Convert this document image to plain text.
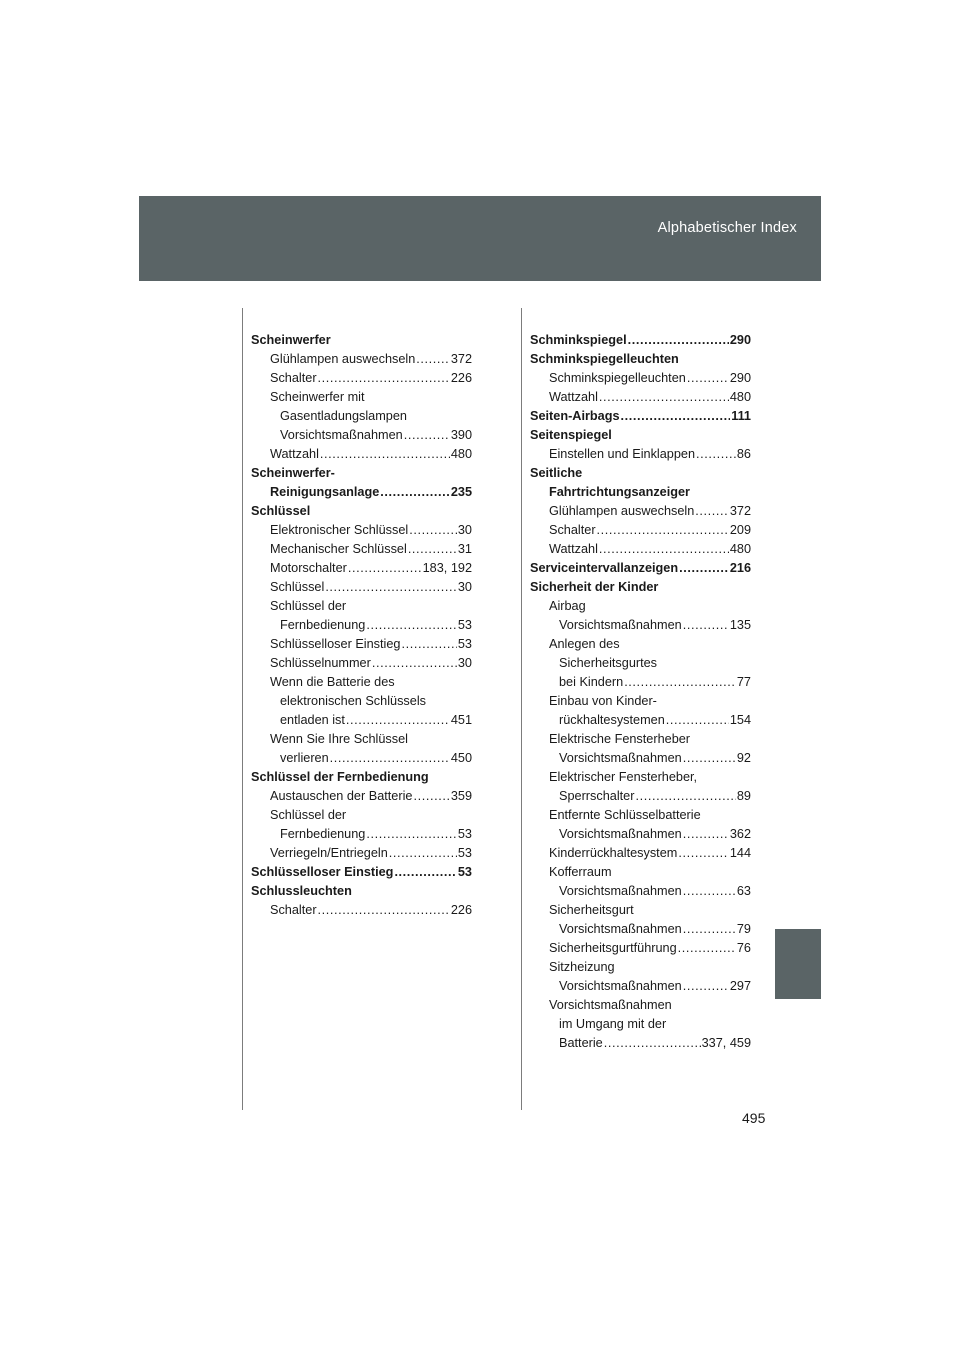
Alphabetischer Index
Scheinwerfer
Glühlampen auswechseln .....	372
Schalter .....	226
Scheinwerfer mit
Gasentladungslampen
Vorsichtsmaßnahmen .....	390
Wattzahl .....	480
Scheinwerfer-
Reinigungsanlage .....	235
Schlüssel
Elektronischer Schlüssel .....	30
Mechanischer Schlüssel .....	31
Motorschalter .....	183, 192
Schlüssel .....	30
Schlüssel der
Fernbedienung .....	53
Schlüsselloser Einstieg .....	53
Schlüsselnummer .....	30
Wenn die Batterie des
elektronischen Schlüssels
entladen ist .....	451
Wenn Sie Ihre Schlüssel
verlieren .....	450
Schlüssel der Fernbedienung
Austauschen der Batterie .....	359
Schlüssel der
Fernbedienung .....	53
Verriegeln/Entriegeln .....	53
Schlüsselloser Einstieg .....	53
Schlussleuchten
Schalter .....	226
Schminkspiegel .....	290
Schminkspiegelleuchten
Schminkspiegelleuchten .....	290
Wattzahl .....	480
Seiten-Airbags .....	111
Seitenspiegel
Einstellen und Einklappen .....	86
Seitliche
Fahrtrichtungsanzeiger
Glühlampen auswechseln .....	372
Schalter .....	209
Wattzahl .....	480
Serviceintervallanzeigen .....	216
Sicherheit der Kinder
Airbag
Vorsichtsmaßnahmen .....	135
Anlegen des
Sicherheitsgurtes
bei Kindern .....	77
Einbau von Kinder-
rückhaltesystemen .....	154
Elektrische Fensterheber
Vorsichtsmaßnahmen .....	92
Elektrischer Fensterheber,
Sperrschalter .....	89
Entfernte Schlüsselbatterie
Vorsichtsmaßnahmen .....	362
Kinderrückhaltesystem .....	144
Kofferraum
Vorsichtsmaßnahmen .....	63
Sicherheitsgurt
Vorsichtsmaßnahmen .....	79
Sicherheitsgurtführung .....	76
Sitzheizung
Vorsichtsmaßnahmen .....	297
Vorsichtsmaßnahmen
im Umgang mit der
Batterie .....	337, 459
495
